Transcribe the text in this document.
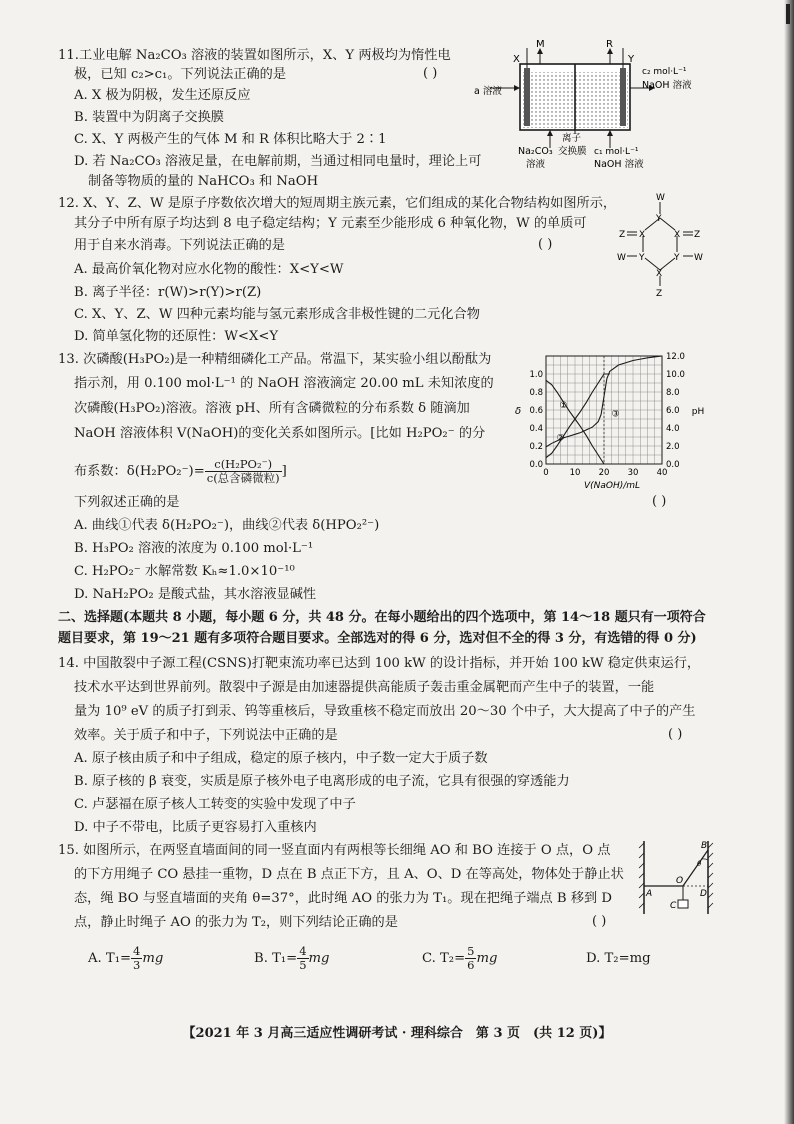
11.工业电解 Na₂CO₃ 溶液的装置如图所示，X、Y 两极均为惰性电
极，已知 c₂>c₁。下列说法正确的是	( )
A. X 极为阴极，发生还原反应
B. 装置中为阴离子交换膜
C. X、Y 两极产生的气体 M 和 R 体积比略大于 2∶1
D. 若 Na₂CO₃ 溶液足量，在电解前期，当通过相同电量时，理论上可
制备等物质的量的 NaHCO₃ 和 NaOH
X
M	R
Y
a 溶液
c₂ mol·L⁻¹
NaOH 溶液
离子
交换膜 c₁ mol·L⁻¹
Na₂CO₃
溶液	NaOH 溶液
12. X、Y、Z、W 是原子序数依次增大的短周期主族元素，它们组成的某化合物结构如图所示，
其分子中所有原子均达到 8 电子稳定结构；Y 元素至少能形成 6 种氧化物，W 的单质可
用于自来水消毒。下列说法正确的是	( )
A. 最高价氧化物对应水化物的酸性：X<Y<W
B. 离子半径：r(W)>r(Y)>r(Z)
C. X、Y、Z、W 四种元素均能与氢元素形成含非极性键的二元化合物
D. 简单氢化物的还原性：W<X<Y
W
Y
X	X
Z	Z
Y	Y
W	W
X
Z
13. 次磷酸(H₃PO₂)是一种精细磷化工产品。常温下，某实验小组以酚酞为
指示剂，用 0.100 mol·L⁻¹ 的 NaOH 溶液滴定 20.00 mL 未知浓度的
次磷酸(H₃PO₂)溶液。溶液 pH、所有含磷微粒的分布系数 δ 随滴加
NaOH 溶液体积 V(NaOH)的变化关系如图所示。[比如 H₂PO₂⁻ 的分
布系数：$\delta(H_2PO_2^-)= \frac{\text{c(H₂PO₂⁻)}}{\text{c(总含磷微粒)}}$ ]
下列叙述正确的是	( )
A. 曲线①代表 δ(H₂PO₂⁻)，曲线②代表 δ(HPO₂²⁻)
B. H₃PO₂ 溶液的浓度为 0.100 mol·L⁻¹
C. H₂PO₂⁻ 水解常数 Kₕ≈1.0×10⁻¹⁰
D. NaH₂PO₂ 是酸式盐，其水溶液显碱性
0 10 20 30 40
0.0
0.2
0.4
0.6
0.8
1.0
0.0
2.0
4.0
6.0
8.0
10.0
12.0
①
②
③
V(NaOH)/mL
δ	pH
二、选择题(本题共 8 小题，每小题 6 分，共 48 分。在每小题给出的四个选项中，第 14～18 题只有一项符合
题目要求，第 19～21 题有多项符合题目要求。全部选对的得 6 分，选对但不全的得 3 分，有选错的得 0 分)
14. 中国散裂中子源工程(CSNS)打靶束流功率已达到 100 kW 的设计指标，并开始 100 kW 稳定供束运行，
技术水平达到世界前列。散裂中子源是由加速器提供高能质子轰击重金属靶而产生中子的装置，一能
量为 10⁹ eV 的质子打到汞、钨等重核后，导致重核不稳定而放出 20～30 个中子，大大提高了中子的产生
效率。关于质子和中子，下列说法中正确的是	( )
A. 原子核由质子和中子组成，稳定的原子核内，中子数一定大于质子数
B. 原子核的 β 衰变，实质是原子核外电子电离形成的电子流，它具有很强的穿透能力
C. 卢瑟福在原子核人工转变的实验中发现了中子
D. 中子不带电，比质子更容易打入重核内
15. 如图所示，在两竖直墙面间的同一竖直面内有两根等长细绳 AO 和 BO 连接于 O 点，O 点
的下方用绳子 CO 悬挂一重物，D 点在 B 点正下方，且 A、O、D 在等高处，物体处于静止状
态，绳 BO 与竖直墙面的夹角 θ=37°，此时绳 AO 的张力为 T₁。现在把绳子端点 B 移到 D
点，静止时绳子 AO 的张力为 T₂，则下列结论正确的是	( )
A. $T_1= \frac{4}{3}$ mg	B. $T_1= \frac{4}{5}$ mg	C. $T_2= \frac{5}{6}$ mg	D. T₂=mg
A
B
O
D
C
θ
【2021 年 3 月高三适应性调研考试 · 理科综合　第 3 页　(共 12 页)】
